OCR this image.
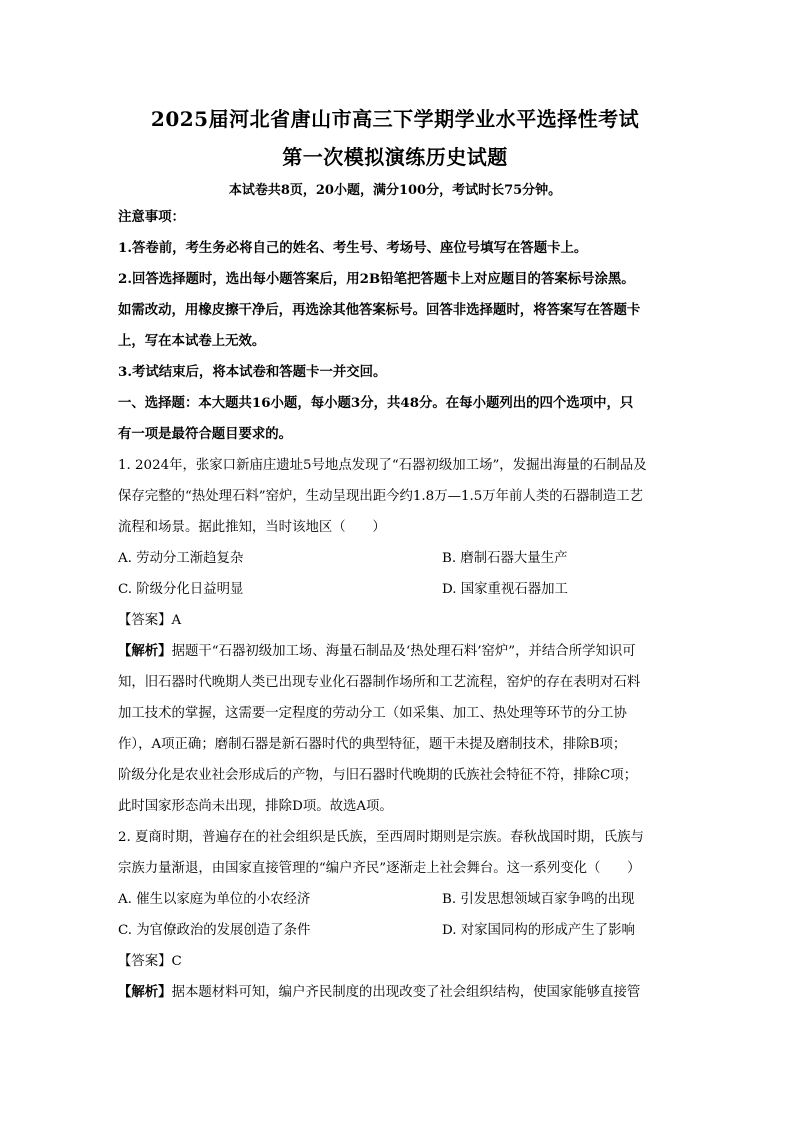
2025届河北省唐山市高三下学期学业水平选择性考试
第一次模拟演练历史试题
本试卷共8页，20小题，满分100分，考试时长75分钟。
注意事项：
1.答卷前，考生务必将自己的姓名、考生号、考场号、座位号填写在答题卡上。
2.回答选择题时，选出每小题答案后，用2B铅笔把答题卡上对应题目的答案标号涂黑。
如需改动，用橡皮擦干净后，再选涂其他答案标号。回答非选择题时，将答案写在答题卡
上，写在本试卷上无效。
3.考试结束后，将本试卷和答题卡一并交回。
一、选择题：本大题共16小题，每小题3分，共48分。在每小题列出的四个选项中，只
有一项是最符合题目要求的。
1. 2024年，张家口新庙庄遗址5号地点发现了“石器初级加工场”，发掘出海量的石制品及
保存完整的“热处理石料”窑炉，生动呈现出距今约1.8万—1.5万年前人类的石器制造工艺
流程和场景。据此推知，当时该地区（　　）
A. 劳动分工渐趋复杂	B. 磨制石器大量生产
C. 阶级分化日益明显	D. 国家重视石器加工
【答案】A
【解析】据题干“石器初级加工场、海量石制品及‘热处理石料’窑炉”，并结合所学知识可
知，旧石器时代晚期人类已出现专业化石器制作场所和工艺流程，窑炉的存在表明对石料
加工技术的掌握，这需要一定程度的劳动分工（如采集、加工、热处理等环节的分工协
作），A项正确；磨制石器是新石器时代的典型特征，题干未提及磨制技术，排除B项；
阶级分化是农业社会形成后的产物，与旧石器时代晚期的氏族社会特征不符，排除C项；
此时国家形态尚未出现，排除D项。故选A项。
2. 夏商时期，普遍存在的社会组织是氏族，至西周时期则是宗族。春秋战国时期，氏族与
宗族力量渐退，由国家直接管理的“编户齐民”逐渐走上社会舞台。这一系列变化（　　）
A. 催生以家庭为单位的小农经济	B. 引发思想领域百家争鸣的出现
C. 为官僚政治的发展创造了条件	D. 对家国同构的形成产生了影响
【答案】C
【解析】据本题材料可知，编户齐民制度的出现改变了社会组织结构，使国家能够直接管
